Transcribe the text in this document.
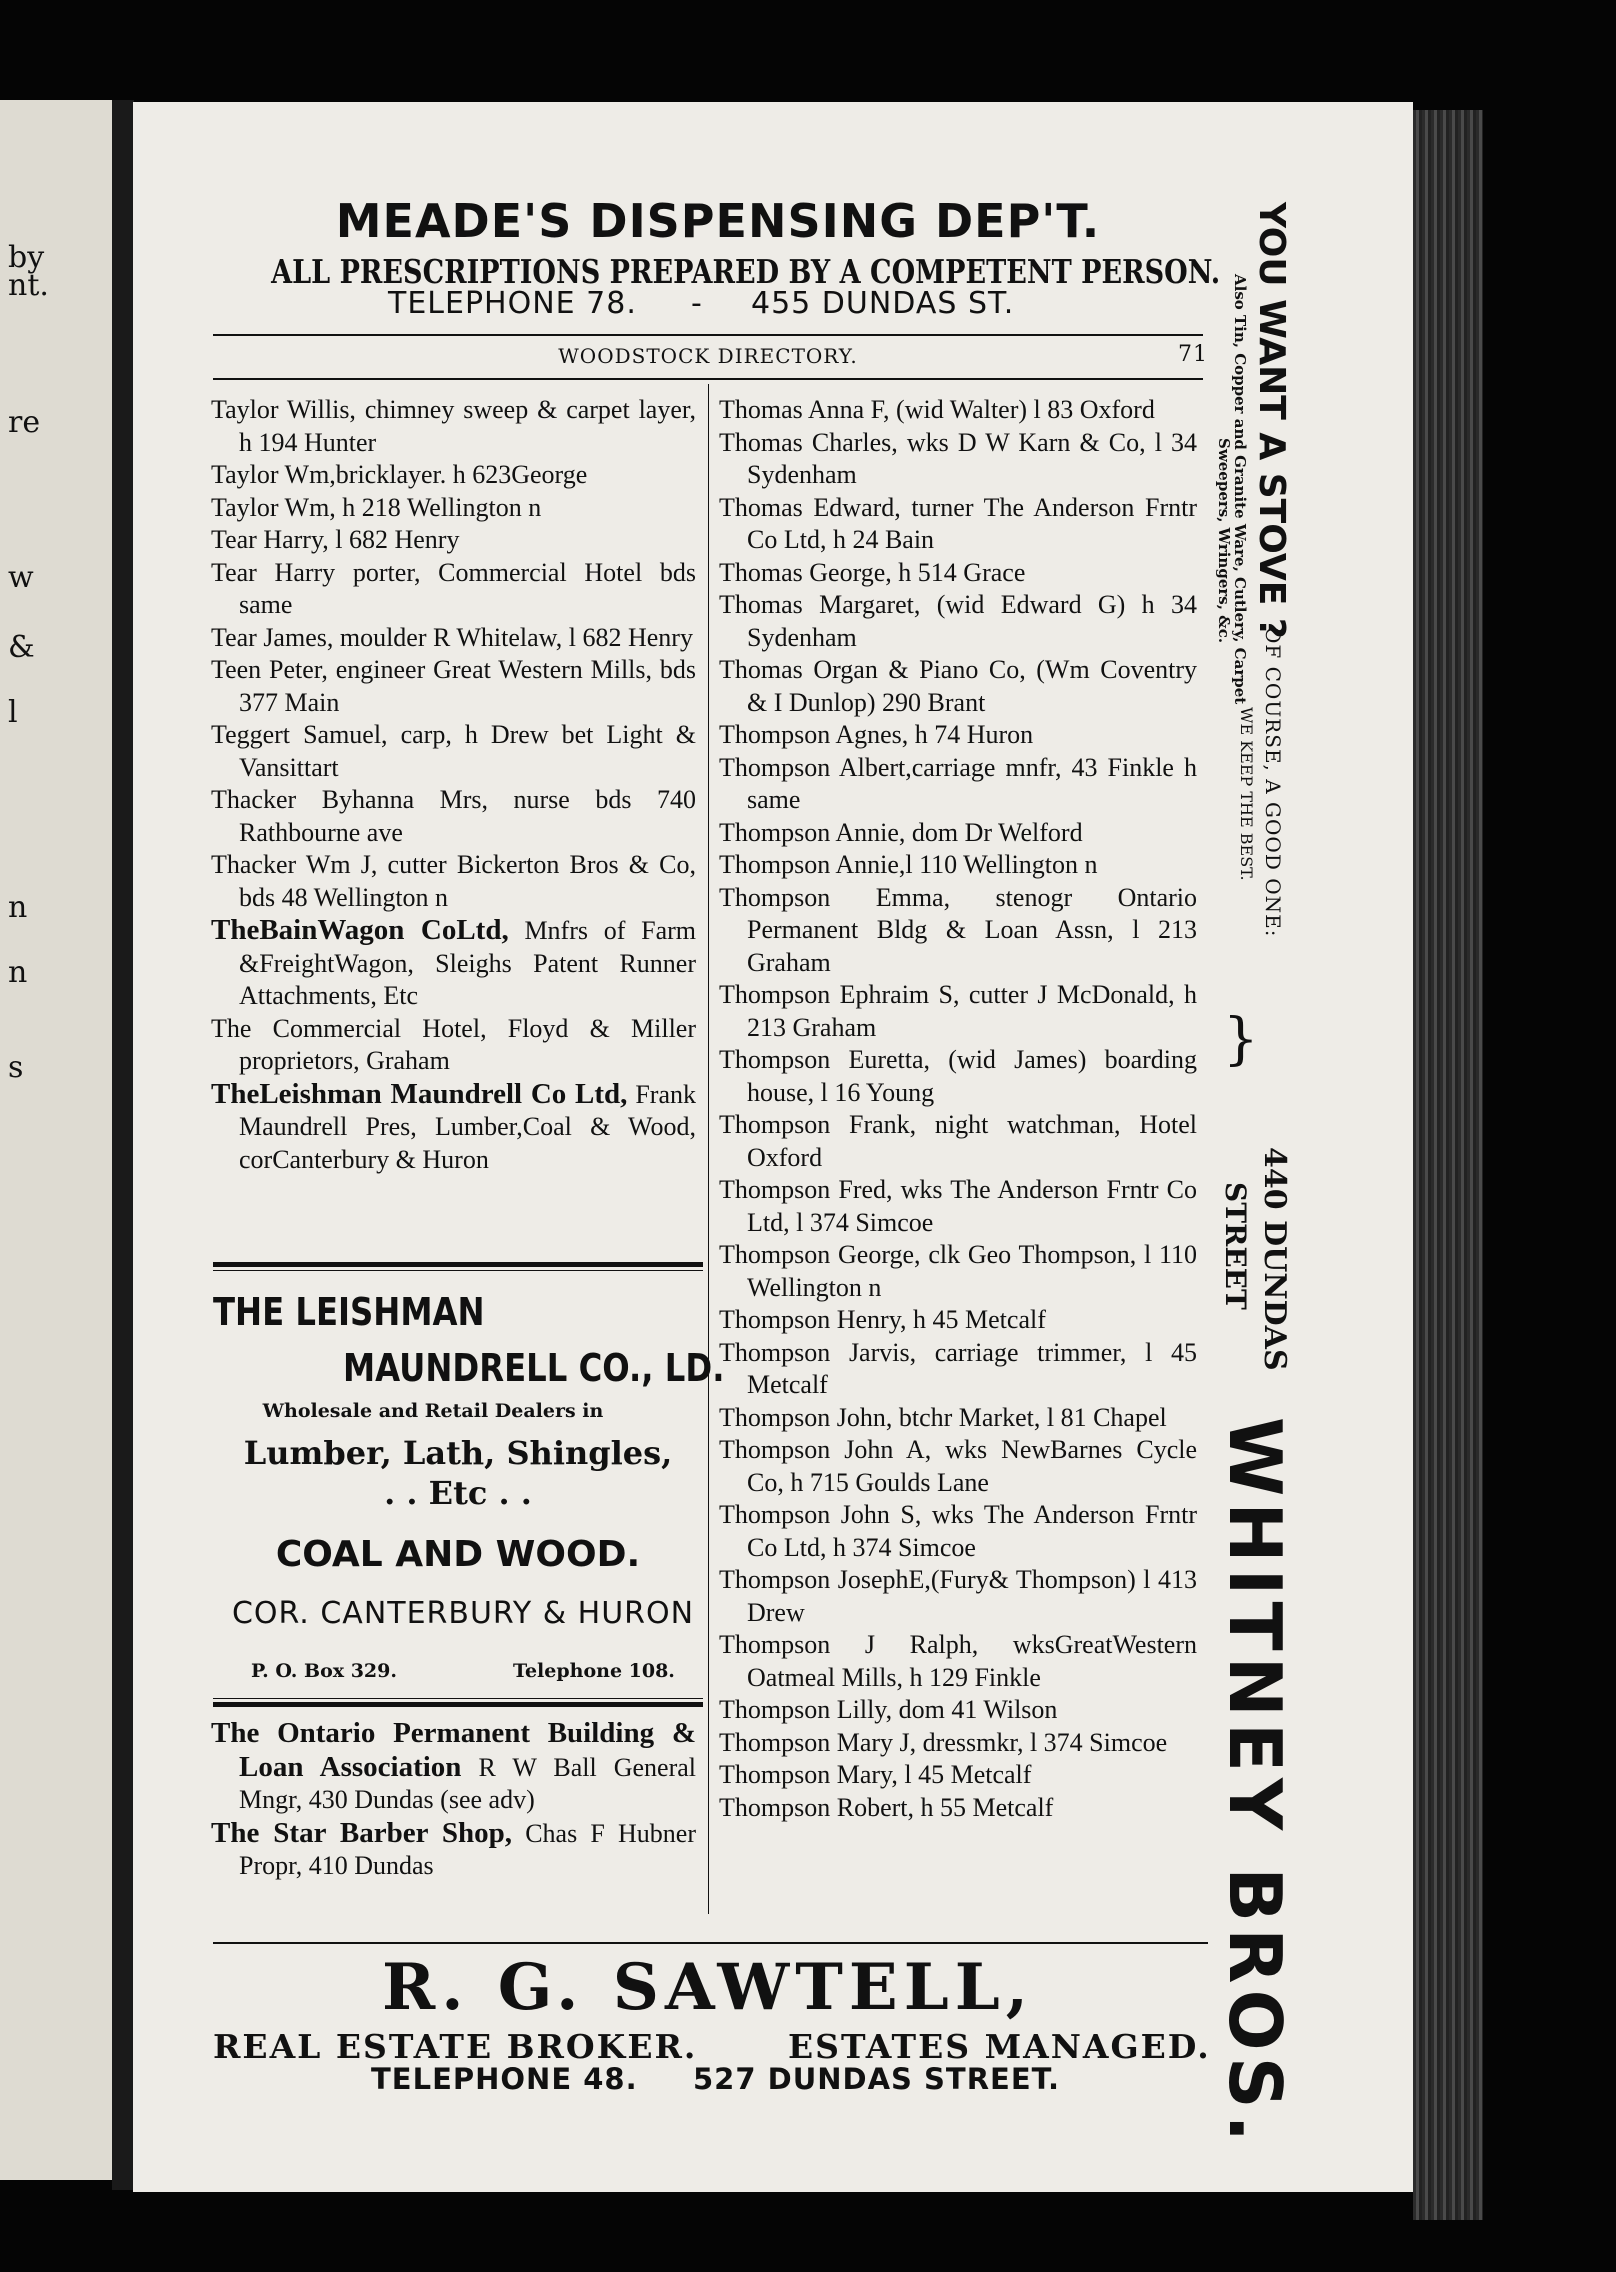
by
nt.
re
w
&
l
n
n
s
MEADE'S DISPENSING DEP'T.
ALL PRESCRIPTIONS PREPARED BY A COMPETENT PERSON.
TELEPHONE 78. - 455 DUNDAS ST.
WOODSTOCK DIRECTORY.	71

Taylor Willis, chimney sweep & carpet layer, h 194 Hunter

Taylor Wm,bricklayer. h 623George

Taylor Wm, h 218 Wellington n

Tear Harry, l 682 Henry

Tear Harry porter, Commercial Hotel bds same

Tear James, moulder R Whitelaw, l 682 Henry

Teen Peter, engineer Great Western Mills, bds 377 Main

Teggert Samuel, carp, h Drew bet Light & Vansittart

Thacker Byhanna Mrs, nurse bds 740 Rathbourne ave

Thacker Wm J, cutter Bickerton Bros & Co, bds 48 Wellington n

TheBainWagon CoLtd, Mnfrs of Farm &FreightWagon, Sleighs Patent Runner Attachments, Etc

The Commercial Hotel, Floyd & Miller proprietors, Graham

TheLeishman Maundrell Co Ltd, Frank Maundrell Pres, Lumber,Coal & Wood, corCanterbury & Huron

THE LEISHMAN
MAUNDRELL CO., LD.
Wholesale and Retail Dealers in
Lumber, Lath, Shingles,
. . Etc . .
COAL AND WOOD.
COR. CANTERBURY & HURON
P. O. Box 329.	Telephone 108.

The Ontario Permanent Building & Loan Association R W Ball General Mngr, 430 Dundas (see adv)

The Star Barber Shop, Chas F Hubner Propr, 410 Dundas

Thomas Anna F, (wid Walter) l 83 Oxford

Thomas Charles, wks D W Karn & Co, l 34 Sydenham

Thomas Edward, turner The Anderson Frntr Co Ltd, h 24 Bain

Thomas George, h 514 Grace

Thomas Margaret, (wid Edward G) h 34 Sydenham

Thomas Organ & Piano Co, (Wm Coventry & I Dunlop) 290 Brant

Thompson Agnes, h 74 Huron

Thompson Albert,carriage mnfr, 43 Finkle h same

Thompson Annie, dom Dr Welford

Thompson Annie,l 110 Wellington n

Thompson Emma, stenogr Ontario Permanent Bldg & Loan Assn, l 213 Graham

Thompson Ephraim S, cutter J McDonald, h 213 Graham

Thompson Euretta, (wid James) boarding house, l 16 Young

Thompson Frank, night watchman, Hotel Oxford

Thompson Fred, wks The Anderson Frntr Co Ltd, l 374 Simcoe

Thompson George, clk Geo Thompson, l 110 Wellington n

Thompson Henry, h 45 Metcalf

Thompson Jarvis, carriage trimmer, l 45 Metcalf

Thompson John, btchr Market, l 81 Chapel

Thompson John A, wks NewBarnes Cycle Co, h 715 Goulds Lane

Thompson John S, wks The Anderson Frntr Co Ltd, h 374 Simcoe

Thompson JosephE,(Fury& Thompson) l 413 Drew

Thompson J Ralph, wksGreatWestern Oatmeal Mills, h 129 Finkle

Thompson Lilly, dom 41 Wilson

Thompson Mary J, dressmkr, l 374 Simcoe

Thompson Mary, l 45 Metcalf

Thompson Robert, h 55 Metcalf

R. G. SAWTELL,
REAL ESTATE BROKER.	ESTATES MANAGED.
TELEPHONE 48. 527 DUNDAS STREET.
YOU WANT A STOVE ?
OF COURSE, A GOOD ONE:
Also Tin, Copper and Granite Ware, Cutlery, Carpet
Sweepers, Wringers, &c.
WE KEEP THE BEST.
}
440 DUNDAS
STREET
WHITNEY BROS.
